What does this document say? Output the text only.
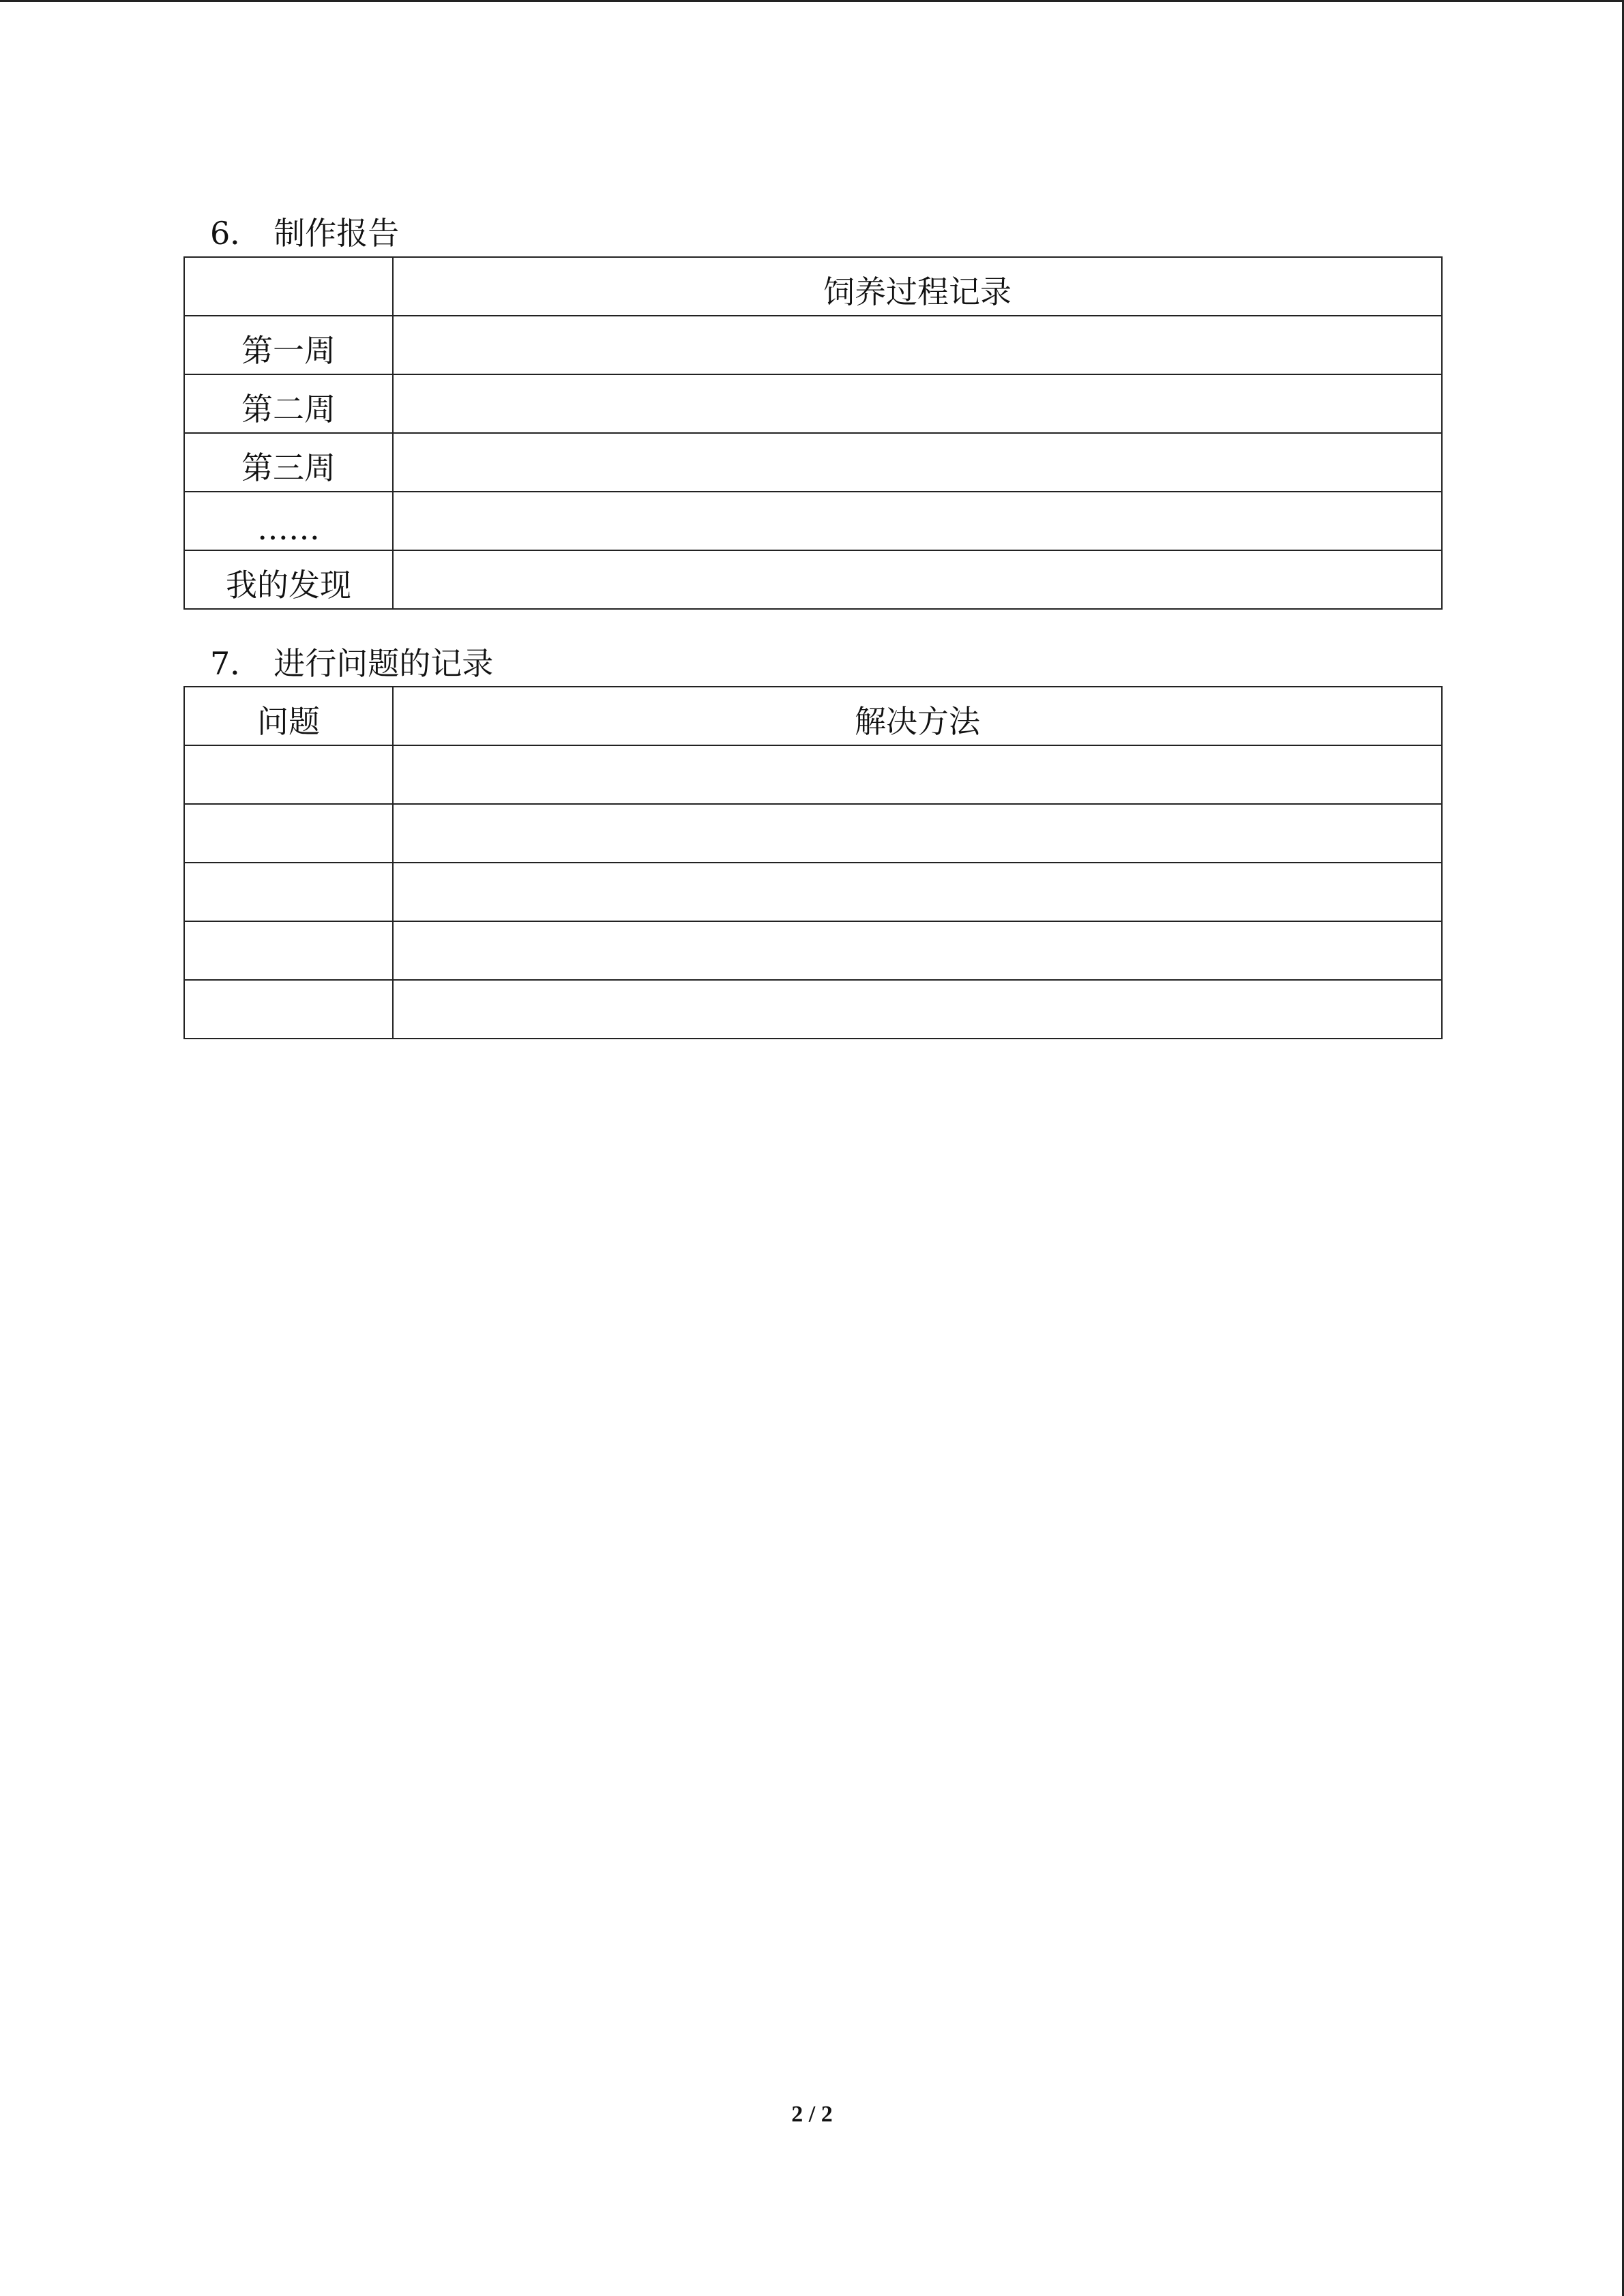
6． 制作报告
	饲养过程记录
第一周	
第二周	
第三周	
……	
我的发现	
7． 进行问题的记录
问题	解决方法

2 / 2
